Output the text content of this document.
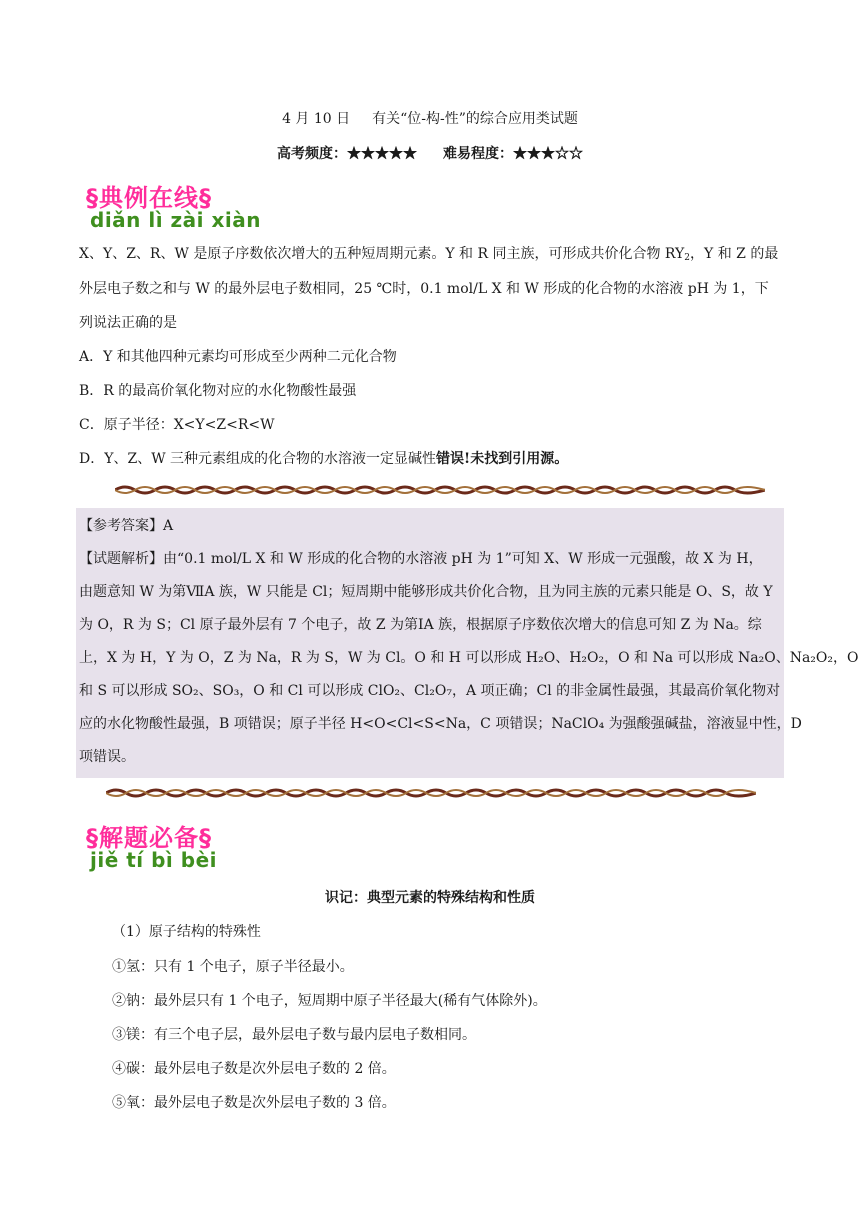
4 月 10 日 有关“位-构-性”的综合应用类试题
高考频度：★★★★★ 难易程度：★★★☆☆
§典例在线§
diǎn lì zài xiàn
X、Y、Z、R、W 是原子序数依次增大的五种短周期元素。Y 和 R 同主族，可形成共价化合物 $RY_2$，Y 和 Z 的最
外层电子数之和与 W 的最外层电子数相同，25 ℃时，0.1 mol/L X 和 W 形成的化合物的水溶液 pH 为 1，下
列说法正确的是
A．Y 和其他四种元素均可形成至少两种二元化合物
B．R 的最高价氧化物对应的水化物酸性最强
C．原子半径：X<Y<Z<R<W
D．Y、Z、W 三种元素组成的化合物的水溶液一定显碱性错误!未找到引用源。
【参考答案】A
【试题解析】由“0.1 mol/L X 和 W 形成的化合物的水溶液 pH 为 1”可知 X、W 形成一元强酸，故 X 为 H，
由题意知 W 为第ⅦA 族，W 只能是 Cl；短周期中能够形成共价化合物，且为同主族的元素只能是 O、S，故 Y
为 O，R 为 S；Cl 原子最外层有 7 个电子，故 Z 为第ⅠA 族，根据原子序数依次增大的信息可知 Z 为 Na。综
上，X 为 H，Y 为 O，Z 为 Na，R 为 S，W 为 Cl。O 和 H 可以形成 H₂O、H₂O₂，O 和 Na 可以形成 Na₂O、Na₂O₂，O
和 S 可以形成 SO₂、SO₃，O 和 Cl 可以形成 ClO₂、Cl₂O₇，A 项正确；Cl 的非金属性最强，其最高价氧化物对
应的水化物酸性最强，B 项错误；原子半径 H<O<Cl<S<Na，C 项错误；NaClO₄ 为强酸强碱盐，溶液显中性，D
项错误。
§解题必备§
jiě tí bì bèi
识记：典型元素的特殊结构和性质
（1）原子结构的特殊性
①氢：只有 1 个电子，原子半径最小。
②钠：最外层只有 1 个电子，短周期中原子半径最大(稀有气体除外)。
③镁：有三个电子层，最外层电子数与最内层电子数相同。
④碳：最外层电子数是次外层电子数的 2 倍。
⑤氧：最外层电子数是次外层电子数的 3 倍。
